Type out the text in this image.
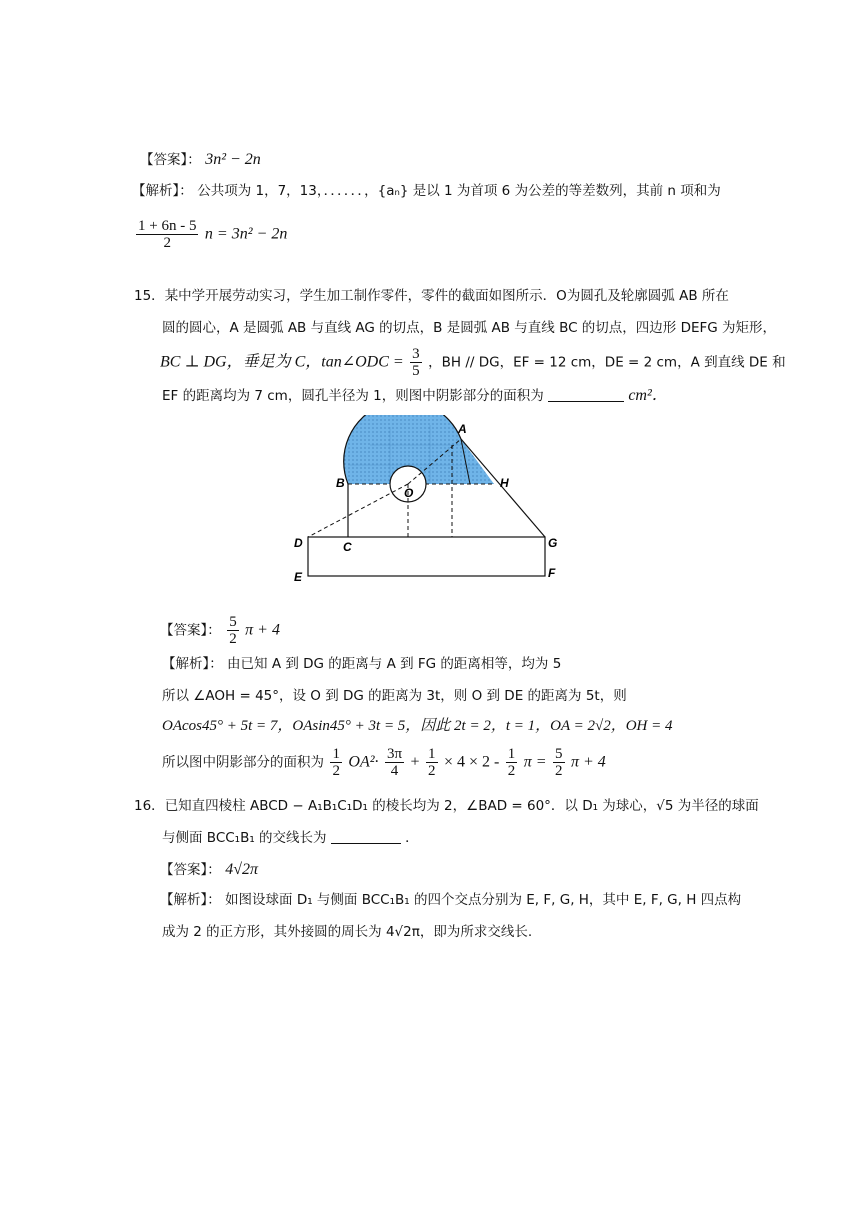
【答案】： 3n² − 2n
【解析】： 公共项为 1，7，13，．．．．．．，{aₙ} 是以 1 为首项 6 为公差的等差数列，其前 n 项和为
$\frac{1 + 6n - 5}{2}$ n = 3n² − 2n
15．某中学开展劳动实习，学生加工制作零件，零件的截面如图所示．O为圆孔及轮廓圆弧 AB 所在
圆的圆心，A 是圆弧 AB 与直线 AG 的切点，B 是圆弧 AB 与直线 BC 的切点，四边形 DEFG 为矩形，
BC ⊥ DG，垂足为 C，tan∠ODC = $\frac{3}{5}$ ，BH // DG，EF = 12 cm，DE = 2 cm，A 到直线 DE 和
EF 的距离均为 7 cm，圆孔半径为 1，则图中阴影部分的面积为	cm²．
A
B	H
O
D	C	G
E	F
【答案】： $\frac{5}{2}$ π + 4
【解析】： 由已知 A 到 DG 的距离与 A 到 FG 的距离相等，均为 5
所以 ∠AOH = 45°，设 O 到 DG 的距离为 3t，则 O 到 DE 的距离为 5t，则
OAcos45° + 5t = 7，OAsin45° + 3t = 5，因此 2t = 2，t = 1，OA = 2√2，OH = 4
所以图中阴影部分的面积为 $\frac{1}{2} OA^2\cdot \frac{3\pi}{4} + \frac{1}{2} \times 4 \times 2 - \frac{1}{2}$ $\pi = \frac{5}{2}$ π + 4
16．已知直四棱柱 ABCD − A₁B₁C₁D₁ 的棱长均为 2，∠BAD = 60°．以 D₁ 为球心，√5 为半径的球面
与侧面 BCC₁B₁ 的交线长为	．
【答案】： 4√2π
【解析】： 如图设球面 D₁ 与侧面 BCC₁B₁ 的四个交点分别为 E, F, G, H，其中 E, F, G, H 四点构
成为 2 的正方形，其外接圆的周长为 4√2π，即为所求交线长.
